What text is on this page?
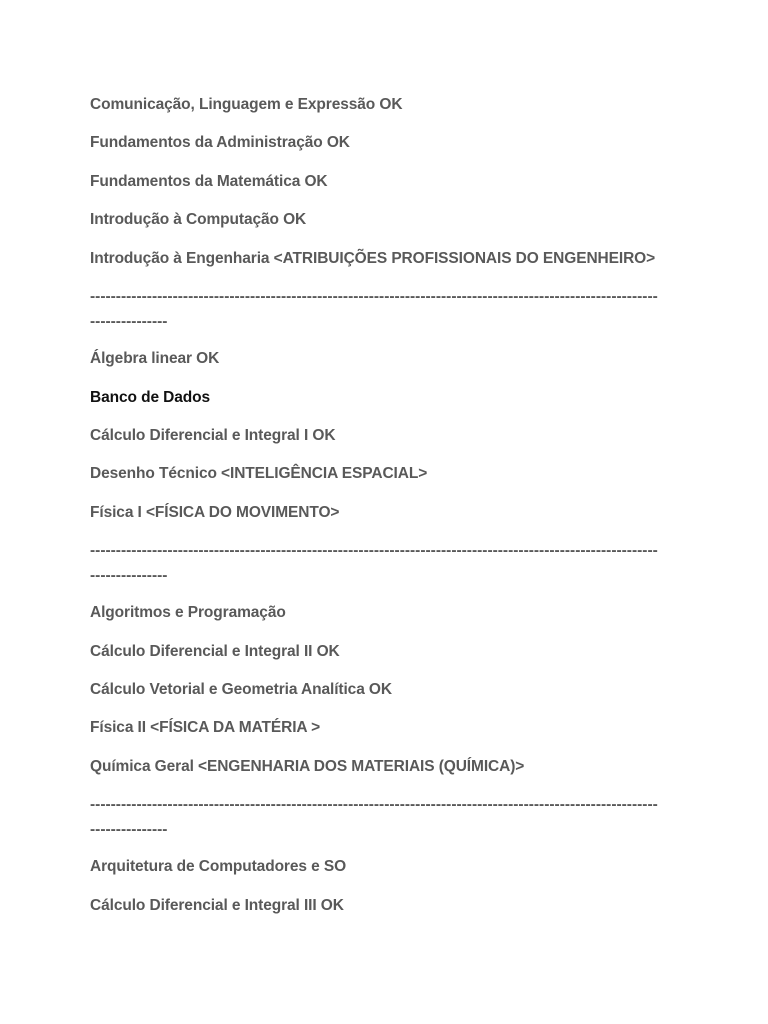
Comunicação, Linguagem e Expressão OK
Fundamentos da Administração OK
Fundamentos da Matemática OK
Introdução à Computação OK
Introdução à Engenharia <ATRIBUIÇÕES PROFISSIONAIS DO ENGENHEIRO>
--------------------------------------------------------------------------------------------------------------
---------------
Álgebra linear OK
Banco de Dados
Cálculo Diferencial e Integral I OK
Desenho Técnico <INTELIGÊNCIA ESPACIAL>
Física I <FÍSICA DO MOVIMENTO>
--------------------------------------------------------------------------------------------------------------
---------------
Algoritmos e Programação
Cálculo Diferencial e Integral II OK
Cálculo Vetorial e Geometria Analítica OK
Física II <FÍSICA DA MATÉRIA >
Química Geral <ENGENHARIA DOS MATERIAIS (QUÍMICA)>
--------------------------------------------------------------------------------------------------------------
---------------
Arquitetura de Computadores e SO
Cálculo Diferencial e Integral III OK
